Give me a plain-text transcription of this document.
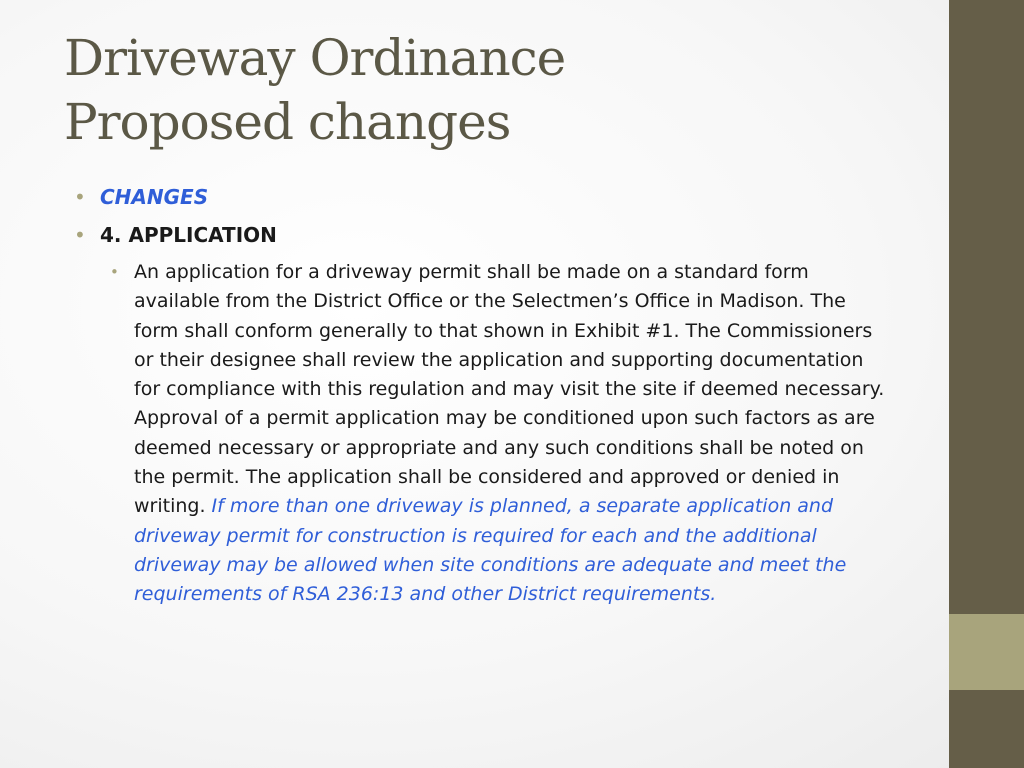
Driveway Ordinance
Proposed changes
• CHANGES
• 4. APPLICATION
• An application for a driveway permit shall be made on a standard form available from the District Office or the Selectmen’s Office in Madison. The form shall conform generally to that shown in Exhibit #1. The Commissioners or their designee shall review the application and supporting documentation for compliance with this regulation and may visit the site if deemed necessary. Approval of a permit application may be conditioned upon such factors as are deemed necessary or appropriate and any such conditions shall be noted on the permit. The application shall be considered and approved or denied in writing. If more than one driveway is planned, a separate application and driveway permit for construction is required for each and the additional driveway may be allowed when site conditions are adequate and meet the requirements of RSA 236:13 and other District requirements.
